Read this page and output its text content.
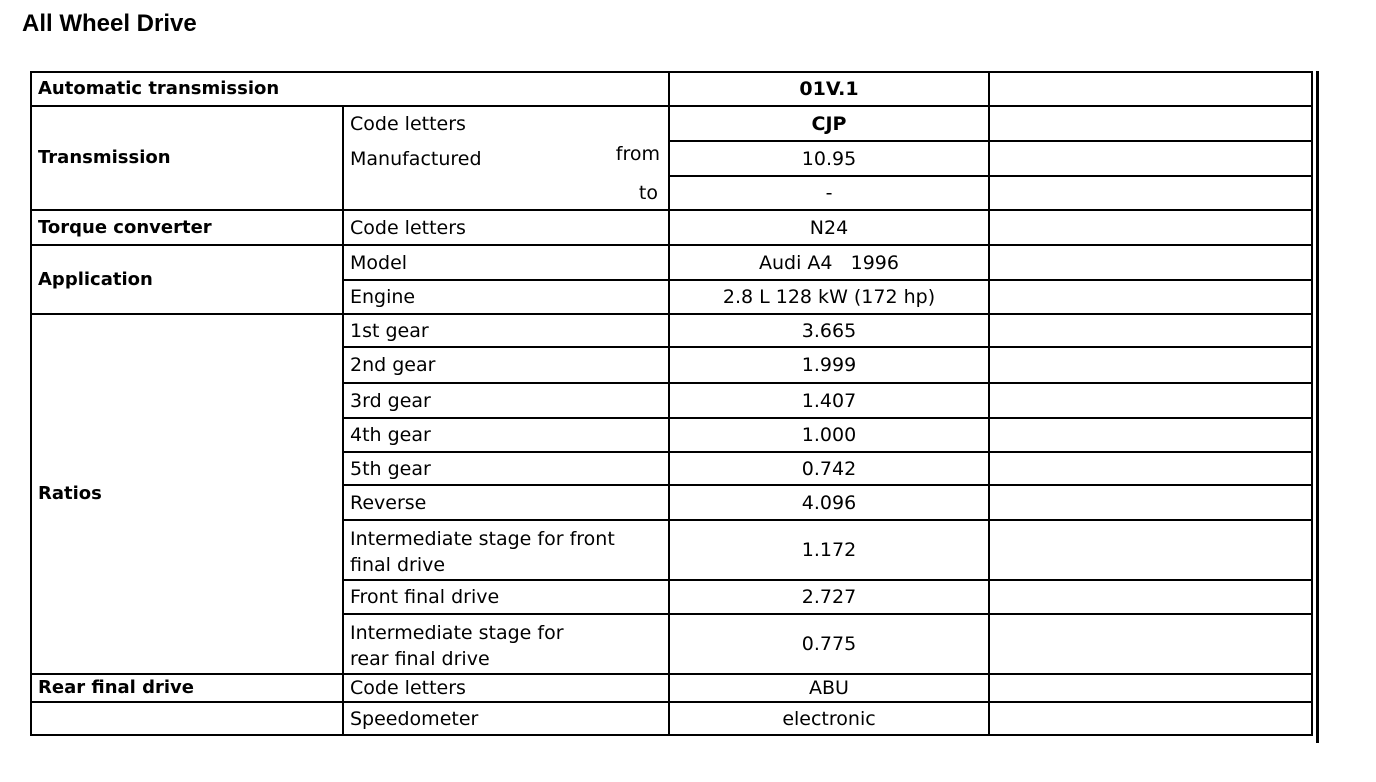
All Wheel Drive
Automatic transmission		01V.1	
Transmission	Code letters	CJP	
	Manufactured from	10.95	
	to	-	
Torque converter	Code letters	N24	
Application	Model	Audi A4   1996	
	Engine	2.8 L 128 kW (172 hp)	
Ratios	1st gear	3.665	
	2nd gear	1.999	
	3rd gear	1.407	
	4th gear	1.000	
	5th gear	0.742	
	Reverse	4.096	
	Intermediate stage for front final drive	1.172	
	Front final drive	2.727	
	Intermediate stage for rear final drive	0.775	
Rear final drive	Code letters	ABU	
	Speedometer	electronic	
